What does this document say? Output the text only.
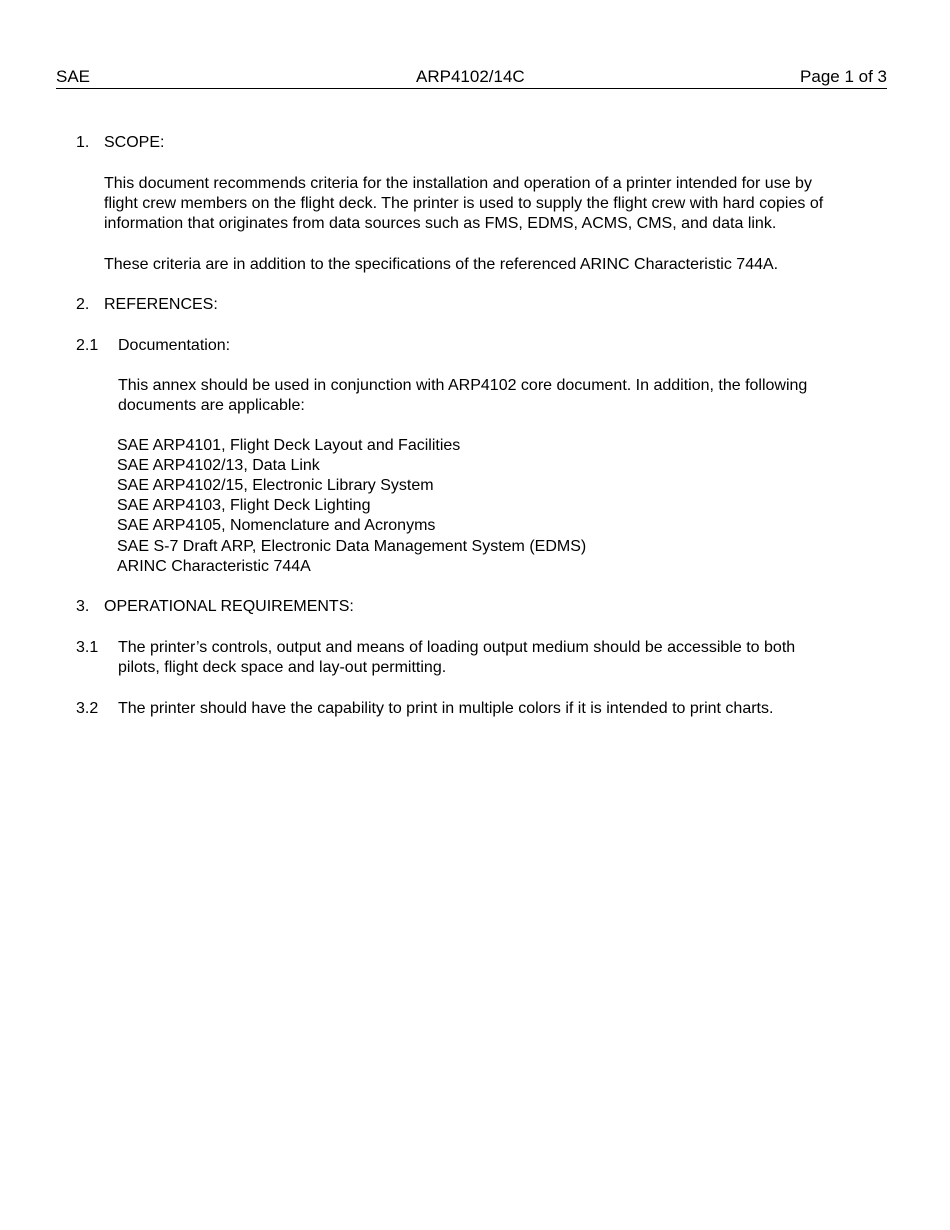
SAE	ARP4102/14C	Page 1 of 3
1. SCOPE:
This document recommends criteria for the installation and operation of a printer intended for use by
flight crew members on the flight deck. The printer is used to supply the flight crew with hard copies of
information that originates from data sources such as FMS, EDMS, ACMS, CMS, and data link.
These criteria are in addition to the specifications of the referenced ARINC Characteristic 744A.
2. REFERENCES:
2.1 Documentation:
This annex should be used in conjunction with ARP4102 core document. In addition, the following
documents are applicable:
SAE ARP4101, Flight Deck Layout and Facilities
SAE ARP4102/13, Data Link
SAE ARP4102/15, Electronic Library System
SAE ARP4103, Flight Deck Lighting
SAE ARP4105, Nomenclature and Acronyms
SAE S-7 Draft ARP, Electronic Data Management System (EDMS)
ARINC Characteristic 744A
3. OPERATIONAL REQUIREMENTS:
3.1 The printer’s controls, output and means of loading output medium should be accessible to both
pilots, flight deck space and lay-out permitting.
3.2 The printer should have the capability to print in multiple colors if it is intended to print charts.
